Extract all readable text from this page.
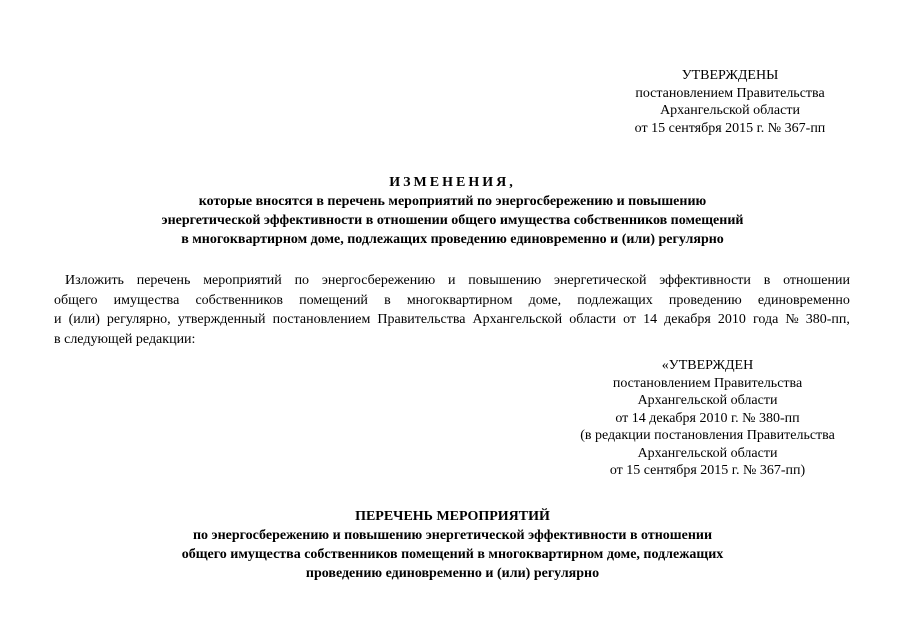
УТВЕРЖДЕНЫ
постановлением Правительства
Архангельской области
от 15 сентября 2015 г. № 367-пп
ИЗМЕНЕНИЯ,
которые вносятся в перечень мероприятий по энергосбережению и повышению
энергетической эффективности в отношении общего имущества собственников помещений
в многоквартирном доме, подлежащих проведению единовременно и (или) регулярно
Изложить перечень мероприятий по энергосбережению и повышению энергетической эффективности в отношении
общего имущества собственников помещений в многоквартирном доме, подлежащих проведению единовременно
и (или) регулярно, утвержденный постановлением Правительства Архангельской области от 14 декабря 2010 года № 380-пп,
в следующей редакции:
«УТВЕРЖДЕН
постановлением Правительства
Архангельской области
от 14 декабря 2010 г. № 380-пп
(в редакции постановления Правительства
Архангельской области
от 15 сентября 2015 г. № 367-пп)
ПЕРЕЧЕНЬ МЕРОПРИЯТИЙ
по энергосбережению и повышению энергетической эффективности в отношении
общего имущества собственников помещений в многоквартирном доме, подлежащих
проведению единовременно и (или) регулярно
